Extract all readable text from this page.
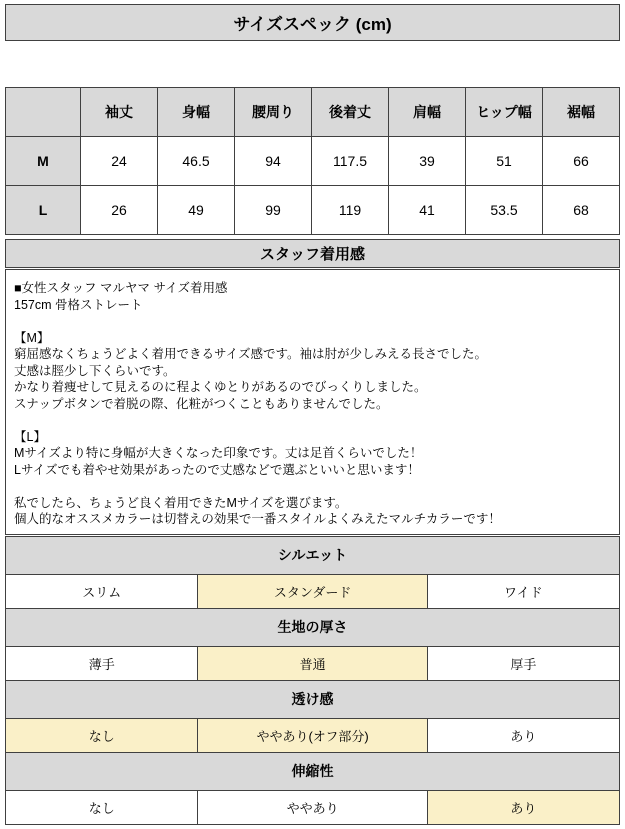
サイズスペック (cm)
	袖丈	身幅	腰周り	後着丈	肩幅	ヒップ幅	裾幅
M	24	46.5	94	117.5	39	51	66
L	26	49	99	119	41	53.5	68
スタッフ着用感
■女性スタッフ マルヤマ サイズ着用感
157cm 骨格ストレート
【M】
窮屈感なくちょうどよく着用できるサイズ感です。袖は肘が少しみえる長さでした。
丈感は脛少し下くらいです。
かなり着痩せして見えるのに程よくゆとりがあるのでびっくりしました。
スナップボタンで着脱の際、化粧がつくこともありませんでした。
【L】
Mサイズより特に身幅が大きくなった印象です。丈は足首くらいでした！
Lサイズでも着やせ効果があったので丈感などで選ぶといいと思います！
私でしたら、ちょうど良く着用できたMサイズを選びます。
個人的なオススメカラーは切替えの効果で一番スタイルよくみえたマルチカラーです！
シルエット
スリム	スタンダード	ワイド
生地の厚さ
薄手	普通	厚手
透け感
なし	ややあり(オフ部分)	あり
伸縮性
なし	ややあり	あり
